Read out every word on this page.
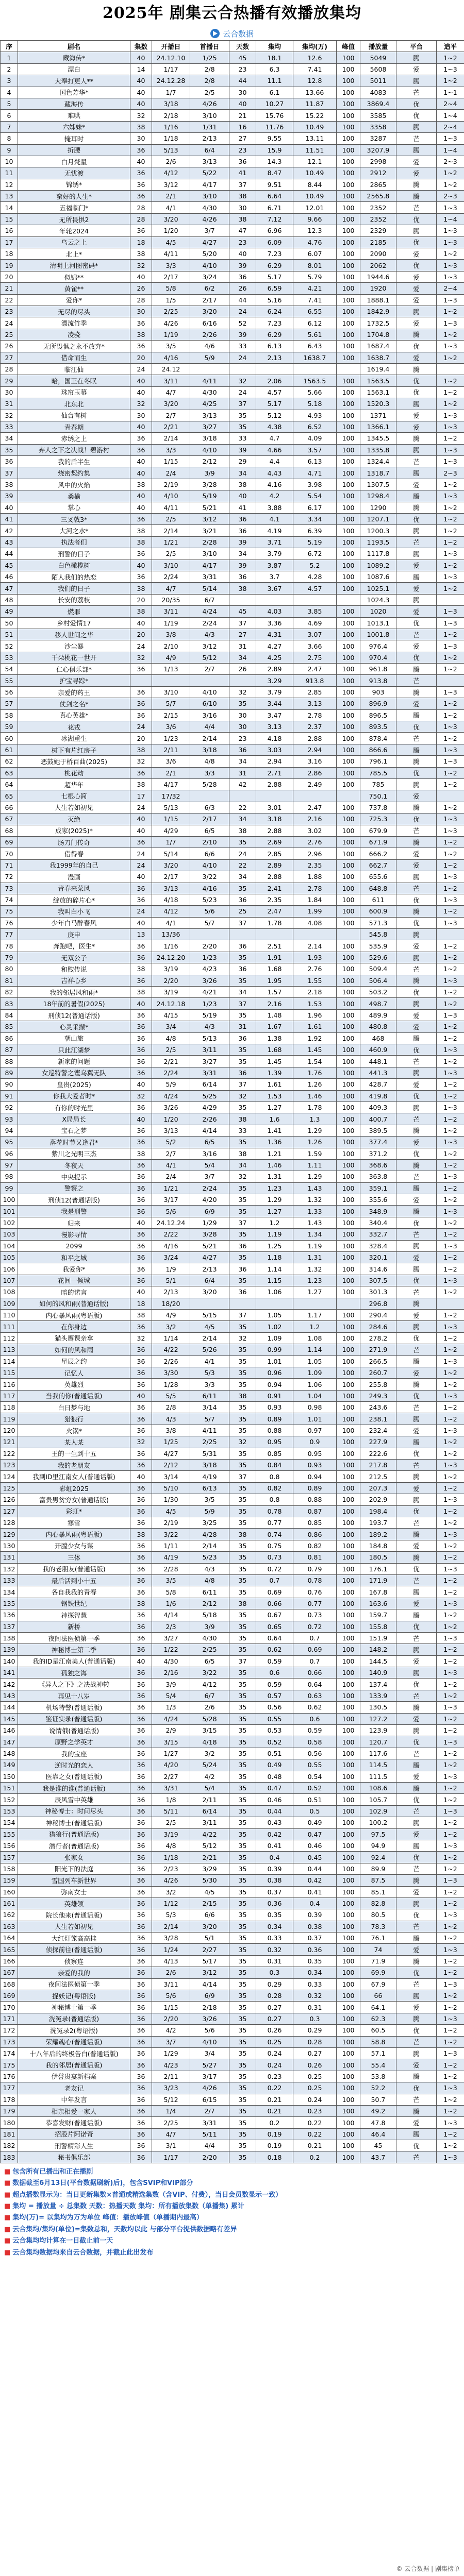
2025年 剧集云合热播有效播放集均
云合数据
序	剧名	集数	开播日	首播日	天数	集均	集均(万)	峰值	播放量	平台	追平
1	藏海传*	40	24.12.10	1/25	45	18.1	12.6	100	5049	腾	1~2
2	漂白	14	1/17	2/8	23	6.3	7.41	100	5608	爱	1~3
3	大奉打更人**	40	24.12.28	2/8	44	11.1	12.8	100	5011	腾	1~2
4	国色芳华*	40	1/7	2/5	30	6.1	13.66	100	4083	芒	1~1
5	藏海传	40	3/18	4/26	40	10.27	11.87	100	3869.4	优	2~4
6	难哄	32	2/18	3/10	21	15.76	15.22	100	3585	优	1~4
7	六姊妹*	38	1/16	1/31	16	11.76	10.49	100	3358	腾	2~4
8	掩耳时	30	1/18	2/13	27	9.55	13.11	100	3287	芒	1~3
9	折腰	36	5/13	6/4	23	15.9	11.51	100	3207.9	腾	1~4
10	白月梵星	40	2/6	3/13	36	14.3	12.1	100	2998	爱	2~3
11	无忧渡	36	4/12	5/22	41	8.47	10.49	100	2912	爱	1~2
12	锦绣*	36	3/12	4/17	37	9.51	8.44	100	2865	腾	1~2
13	蛮好的人生*	36	2/1	3/10	38	6.64	10.49	100	2565.8	腾	2~3
14	五福临门*	28	4/1	4/30	30	6.71	12.01	100	2352	芒	1~3
15	无所畏惧2	28	3/20	4/26	38	7.12	9.66	100	2352	优	1~4
16	年轮2024	36	1/20	3/7	47	6.96	12.3	100	2329	腾	1~3
17	乌云之上	18	4/5	4/27	23	6.09	4.76	100	2185	优	1~3
18	北上*	38	4/11	5/20	40	7.23	6.07	100	2090	爱	1~2
19	清明上河图密码*	32	3/3	4/10	39	6.29	8.01	100	2062	优	1~3
20	似锦**	40	2/17	3/24	36	5.17	5.79	100	1944.6	爱	1~3
21	黄雀**	26	5/8	6/2	26	6.59	4.21	100	1920	爱	2~4
22	爱你*	28	1/5	2/17	44	5.16	7.41	100	1888.1	爱	1~3
23	无尽的尽头	30	2/25	3/20	24	6.24	6.55	100	1842.9	腾	1~2
24	漂流竹季	36	4/26	6/16	52	7.23	6.12	100	1732.5	爱	1~3
25	凌骁	38	1/19	2/26	39	6.29	5.61	100	1704.8	腾	1~2
26	无所畏惧之永不放弃*	36	3/5	4/6	33	6.13	6.43	100	1687.4	优	1~3
27	借命而生	20	4/16	5/9	24	2.13	1638.7	100	1638.7	爱	1~2
28	临江仙	24	24.12						1619.4	腾	
29	暗，国王在冬眠	40	3/11	4/11	32	2.06	1563.5	100	1563.5	优	1~2
30	珠帘玉幕	40	4/7	4/30	24	4.57	5.66	100	1563.1	优	1~2
31	北东北	32	3/20	4/25	37	5.17	5.18	100	1520.3	腾	1~2
32	仙台有树	30	2/7	3/13	35	5.12	4.93	100	1371	爱	1~3
33	青春期	40	2/21	3/27	35	4.38	6.52	100	1366.1	爱	1~3
34	赤绣之上	36	2/14	3/18	33	4.7	4.09	100	1345.5	腾	1~2
35	弃人之下之决战！碧游村	36	3/3	4/10	39	4.66	3.57	100	1335.8	腾	1~3
36	我的后半生	40	1/15	2/12	29	4.4	6.13	100	1324.4	芒	1~3
37	烧密契约集	40	2/4	3/9	34	4.43	4.71	100	1318.7	腾	2~3
38	风中的火焰	38	2/19	3/28	38	4.16	3.98	100	1307.5	爱	1~2
39	桑榆	40	4/10	5/19	40	4.2	5.54	100	1298.4	腾	1~3
40	掌心	40	4/11	5/21	41	3.88	6.17	100	1290	腾	1~2
41	三叉戟3*	36	2/5	3/12	36	4.1	3.34	100	1207.1	优	1~2
42	大河之水*	38	2/14	3/21	36	4.19	6.39	100	1200.3	腾	1~2
43	执法者们	38	1/21	2/28	39	3.71	5.19	100	1193.5	芒	1~2
44	刑警的日子	36	2/5	3/10	34	3.79	6.72	100	1117.8	腾	1~3
45	白色橄榄树	40	3/10	4/17	39	3.87	5.2	100	1089.2	爱	1~2
46	陌人我们的热恋	36	2/24	3/31	36	3.7	4.28	100	1087.6	腾	1~3
47	我们的日子	38	4/7	5/14	38	3.67	4.57	100	1025.1	爱	1~2
48	长安的荔枝	20	20/35	6/7					1024.3	腾	
49	燃罪	38	3/11	4/24	45	4.03	3.85	100	1020	爱	1~3
50	乡村爱情17	40	1/19	2/24	37	3.36	4.69	100	1013.1	优	1~3
51	移人世间之华	20	3/8	4/3	27	4.31	3.07	100	1001.8	芒	1~2
52	沙尘暴	24	2/10	3/12	31	4.27	3.66	100	976.4	爱	1~3
53	千朵桃花一世开	32	4/9	5/12	34	4.25	2.75	100	970.4	优	1~2
54	仁心俱乐部*	36	1/13	2/7	26	2.89	2.47	100	961.8	腾	1~2
55	护宝寻踪*					3.29	913.8	100	913.8	芒	
56	亲爱的药王	36	3/10	4/10	32	3.79	2.85	100	903	腾	1~3
57	仗剑之名*	36	5/7	6/10	35	3.44	3.13	100	896.9	爱	1~2
58	真心英雄*	36	2/15	3/16	30	3.47	2.78	100	896.5	腾	1~2
59	花戎	24	3/6	4/4	30	3.13	2.37	100	893.5	优	1~3
60	冰湖重生	20	1/23	2/14	23	4.18	2.88	100	878.4	芒	1~2
61	树下有片红房子	38	2/11	3/18	36	3.03	2.94	100	866.6	腾	1~3
62	恶鼓她于桥百曲(2025)	32	3/6	4/8	34	2.94	3.16	100	796.1	腾	1~3
63	桃花劫	36	2/1	3/3	31	2.71	2.86	100	785.5	优	1~2
64	超华年	38	4/17	5/28	42	2.88	2.49	100	785	腾	1~2
65	七根心简	17	17/32						750.1	爱	
66	人生若如初见	24	5/13	6/3	22	3.01	2.47	100	737.8	腾	1~2
67	灭绝	40	1/15	2/17	34	3.18	2.16	100	725.3	优	1~3
68	成家(2025)*	40	4/29	6/5	38	2.88	3.02	100	679.9	芒	1~3
69	肠刀门传奇	36	1/7	2/10	35	2.69	2.76	100	671.9	腾	1~2
70	借得春	24	5/14	6/6	24	2.85	2.96	100	666.2	爱	1~2
71	我1999年的自己	24	3/20	4/10	22	2.89	2.35	100	662.7	爱	1~2
72	漫画	40	2/17	3/22	34	2.88	1.88	100	655.6	腾	1~3
73	青春来菜风	36	3/13	4/16	35	2.41	2.78	100	648.8	芒	1~2
74	绽放的碎片心*	36	4/18	5/23	36	2.35	1.84	100	611	优	1~3
75	我叫白小飞	24	4/12	5/6	25	2.47	1.99	100	600.9	腾	1~2
76	少年白马醉春风	40	4/1	5/7	37	1.78	4.08	100	571.3	优	1~3
77	庚申	13	13/36						545.8	腾	
78	奔跑吧，医生*	36	1/16	2/20	36	2.51	2.14	100	535.9	爱	1~2
79	无双公子	36	24.12.20	1/23	35	1.91	1.93	100	529.6	腾	1~2
80	和煦传说	38	3/19	4/23	36	1.68	2.76	100	509.4	芒	1~2
81	吉祥心乡	36	2/20	3/26	35	1.95	1.55	100	506.4	腾	1~3
82	我的邻居风和雨*	38	3/19	4/21	34	1.57	2.18	100	503.2	优	1~2
83	18年前的暑假(2025)	40	24.12.18	1/23	37	2.16	1.53	100	498.7	腾	1~2
84	刑侦12(普通话版)	36	4/15	5/19	35	1.48	1.96	100	489.9	爱	1~3
85	心灵采撷*	36	3/4	4/3	31	1.67	1.61	100	480.8	爱	1~2
86	朝山旅	36	4/8	5/13	36	1.38	1.92	100	468	腾	1~2
87	只此江湖梦	36	2/5	3/11	35	1.68	1.45	100	460.9	优	1~3
88	新家的问题	36	2/21	3/27	35	1.45	1.54	100	448.1	芒	1~2
89	女巡特警之铿乌翼无队	36	2/24	3/31	36	1.39	1.76	100	441.3	腾	1~3
90	皇贵(2025)	40	5/9	6/14	37	1.61	1.26	100	428.7	爱	1~2
91	你我大爱者时*	32	4/24	5/25	32	1.53	1.46	100	419.8	优	1~2
92	有你的时光里	36	3/26	4/29	35	1.27	1.78	100	409.3	腾	1~3
93	X局局长	40	1/20	2/26	38	1.6	1.3	100	400.7	芒	1~2
94	宝石之梦	36	3/13	4/14	33	1.41	1.29	100	389.5	腾	1~2
95	落花时节又逢君*	36	5/2	6/5	35	1.36	1.26	100	377.4	爱	1~3
96	紫川之光明三杰	38	2/7	3/16	38	1.21	1.59	100	371.2	优	1~2
97	冬夜天	36	4/1	5/4	34	1.46	1.11	100	368.6	腾	1~2
98	中央提示	36	2/4	3/7	32	1.31	1.29	100	363.8	芒	1~3
99	警察之	36	1/21	2/24	35	1.23	1.43	100	359.1	腾	1~2
100	刑侦12(普通话版)	36	3/17	4/20	35	1.29	1.32	100	355.6	爱	1~2
101	我是刑警	36	5/6	6/9	35	1.27	1.33	100	348.9	腾	1~3
102	归来	40	24.12.24	1/29	37	1.2	1.43	100	340.4	优	1~2
103	漫影寻情	36	2/22	3/28	35	1.19	1.34	100	332.7	芒	1~2
104	2099	36	4/16	5/21	36	1.25	1.19	100	328.4	腾	1~3
105	和平之城	36	3/24	4/27	35	1.18	1.31	100	320.1	爱	1~2
106	我爱你*	36	1/9	2/13	36	1.14	1.32	100	314.6	腾	1~2
107	花间一倾城	36	5/1	6/4	35	1.15	1.23	100	307.5	优	1~3
108	暗的诺言	40	2/13	3/20	36	1.06	1.27	100	301.3	芒	1~2
109	如何的风和雨(普通话版)	18	18/20						296.8	腾	
110	内心暴风雨(粤语版)	38	4/9	5/15	37	1.05	1.17	100	290.4	爱	1~2
111	在你身边	36	3/2	4/5	35	1.02	1.2	100	284.6	腾	1~3
112	猫头鹰课亲拿	32	1/14	2/14	32	1.09	1.08	100	278.2	优	1~2
113	如何的风和雨	36	4/22	5/26	35	0.99	1.14	100	271.9	芒	1~2
114	星辰之约	36	2/26	4/1	35	1.01	1.05	100	266.5	腾	1~3
115	记忆人	36	3/30	5/3	35	0.96	1.09	100	260.7	爱	1~2
116	英雄烈	36	1/28	3/3	35	0.94	1.06	100	255.8	腾	1~2
117	当我的你(普通话版)	40	5/5	6/11	38	0.91	1.04	100	249.3	优	1~3
118	白日梦与地	36	2/8	3/14	35	0.93	0.98	100	243.6	芒	1~2
119	猎狼行	36	4/3	5/7	35	0.89	1.01	100	238.1	腾	1~2
120	火锅*	36	3/8	4/11	35	0.88	0.97	100	232.4	爱	1~3
121	某人某	32	1/25	2/25	32	0.95	0.9	100	227.9	腾	1~2
122	王的一生到十五	36	4/27	5/31	35	0.85	0.95	100	222.6	优	1~2
123	我的老朋友	36	2/12	3/18	35	0.84	0.93	100	217.8	芒	1~3
124	我到ID里江南女人(普通话版)	40	3/14	4/19	37	0.8	0.94	100	212.5	腾	1~2
125	彩虹2025	36	5/10	6/13	35	0.82	0.89	100	207.3	爱	1~2
126	富贵男贫穷女(普通话版)	36	1/30	3/5	35	0.8	0.88	100	202.9	腾	1~3
127	彩虹*	36	4/5	5/9	35	0.78	0.87	100	198.4	优	1~2
128	寒雪	36	2/19	3/25	35	0.77	0.85	100	193.7	芒	1~2
129	内心暴风雨(粤语版)	38	3/22	4/28	38	0.74	0.86	100	189.2	腾	1~3
130	开膛少女与谋	36	1/11	2/14	35	0.75	0.82	100	184.8	爱	1~2
131	三体	36	4/19	5/23	35	0.73	0.81	100	180.5	腾	1~2
132	我的老朋友(普通话版)	36	2/28	4/3	35	0.72	0.79	100	176.1	优	1~3
133	最后活到小十五	36	3/5	4/8	35	0.7	0.78	100	171.9	芒	1~2
134	各自我我的青春	36	5/8	6/11	35	0.69	0.76	100	167.8	腾	1~2
135	钢铁世纪	38	1/6	2/12	38	0.66	0.77	100	163.6	爱	1~3
136	神探智慧	36	4/14	5/18	35	0.67	0.73	100	159.7	腾	1~2
137	新桥	36	2/3	3/9	35	0.65	0.72	100	155.8	优	1~2
138	夜间法医侦第一季	36	3/27	4/30	35	0.64	0.7	100	151.9	芒	1~3
139	神秘博士第二季	36	1/22	2/25	35	0.62	0.69	100	148.2	腾	1~2
140	我的ID是江南美人(普通话版)	40	4/30	6/5	37	0.59	0.7	100	144.5	爱	1~2
141	孤独之海	36	2/16	3/22	35	0.6	0.66	100	140.9	腾	1~3
142	《异人之下》之决战神转	36	3/9	4/12	35	0.59	0.64	100	137.4	优	1~2
143	再见十八岁	36	5/4	6/7	35	0.57	0.63	100	133.9	芒	1~2
144	机场特警(普通话版)	36	1/3	2/6	35	0.56	0.62	100	130.5	腾	1~3
145	鉴证实录(普通话版)	36	4/24	5/28	35	0.55	0.6	100	127.2	爱	1~2
146	说情俄(普通话版)	36	2/9	3/15	35	0.53	0.59	100	123.9	腾	1~2
147	原野之学英才	36	3/15	4/18	35	0.52	0.58	100	120.7	优	1~3
148	我的宝座	36	1/27	3/2	35	0.51	0.56	100	117.6	芒	1~2
149	逆时光的恋人	36	4/20	5/24	35	0.49	0.55	100	114.5	腾	1~2
150	医靠之女(普通话版)	36	2/27	4/2	35	0.48	0.54	100	111.5	爱	1~3
151	我是谁的谁(普通话版)	36	3/31	5/4	35	0.47	0.52	100	108.6	腾	1~2
152	辰风雪中英雄	36	1/8	2/11	35	0.46	0.51	100	105.7	优	1~2
153	神秘博士：时间尽头	36	5/11	6/14	35	0.44	0.5	100	102.9	芒	1~3
154	神秘博士(普通话版)	36	2/5	3/11	35	0.43	0.49	100	100.2	腾	1~2
155	猎狼行(普通话版)	36	3/19	4/22	35	0.42	0.47	100	97.5	爱	1~2
156	潜行者(普通话版)	36	4/8	5/12	35	0.41	0.46	100	94.9	腾	1~3
157	张家女	36	1/18	2/21	35	0.4	0.45	100	92.4	优	1~2
158	阳光下的法庭	36	2/23	3/29	35	0.39	0.44	100	89.9	芒	1~2
159	雪国列车新世界	36	4/26	5/30	35	0.38	0.42	100	87.5	腾	1~3
160	弥南女士	36	3/2	4/5	35	0.37	0.41	100	85.1	爱	1~2
161	英雄领	36	1/12	2/15	35	0.36	0.4	100	82.8	腾	1~2
162	院长他来(普通话版)	36	5/3	6/6	35	0.35	0.39	100	80.5	优	1~3
163	人生若如初见	36	2/14	3/20	35	0.34	0.38	100	78.3	芒	1~2
164	大红灯笼高高挂	36	3/28	5/1	35	0.33	0.37	100	76.1	腾	1~2
165	侦探前往(普通话版)	36	1/24	2/27	35	0.32	0.36	100	74	爱	1~3
166	侦察连	36	4/13	5/17	35	0.31	0.35	100	71.9	腾	1~2
167	亲爱的我的	36	2/6	3/12	35	0.3	0.34	100	69.9	优	1~2
168	夜间法医侦第一季	36	3/11	4/14	35	0.29	0.33	100	67.9	芒	1~3
169	捉妖记(粤语版)	36	5/6	6/9	35	0.28	0.32	100	66	腾	1~2
170	神秘博士第一季	36	1/15	2/18	35	0.27	0.31	100	64.1	爱	1~2
171	洗冤录(普通话版)	36	2/20	3/26	35	0.27	0.3	100	62.3	腾	1~3
172	洗冤录2(粤语版)	36	4/2	5/6	35	0.26	0.29	100	60.5	优	1~2
173	荣耀魂心(普通话版)	36	3/7	4/10	35	0.25	0.28	100	58.8	芒	1~2
174	十八年后的终极告白(普通话版)	36	1/29	3/4	35	0.24	0.27	100	57.1	腾	1~3
175	我的邻居(普通话版)	36	4/23	5/27	35	0.24	0.26	100	55.4	爱	1~2
176	伊誉贵宴新档案	36	2/11	3/17	35	0.23	0.25	100	53.8	腾	1~2
177	老友记	36	3/23	4/26	35	0.22	0.25	100	52.2	优	1~3
178	中年发言	36	5/12	6/15	35	0.21	0.24	100	50.7	芒	1~2
179	相亲相爱一家人	36	1/4	2/7	35	0.21	0.23	100	49.2	腾	1~2
180	恭喜发财(普通话版)	36	2/25	3/31	35	0.2	0.22	100	47.8	爱	1~3
181	招股片阿诺奇	36	4/7	5/11	35	0.19	0.22	100	46.4	腾	1~2
182	刑警精彩人生	36	3/1	4/4	35	0.19	0.21	100	45	优	1~2
183	秘书俱乐部	36	1/17	2/20	35	0.18	0.2	100	43.7	芒	1~3
■ 包含所有已播出和正在播剧
■ 数据截至6月13日(平台数据刷新)后)，包含SVIP和VIP部分
■ 超点播数显示为：当日更新集数×普通或精选集数（含VIP、付费），当日会员数显示一致）
■ 集均 = 播放量 ÷ 总集数 天数：热播天数 集均：所有播放集数（单播集) 累计
■ 集均(万)= 以集均为万为单位 峰值：播放峰值（单播期内最高）
■ 云合集均/集均(单位)=集数总和，天数均以此 与部分平台提供数据略有差异
■ 云合集均均计算在一日截止前一天
■ 云合集均数据均来自云合数据，并截止此出发布
© 云合数据 | 剧集榜单
